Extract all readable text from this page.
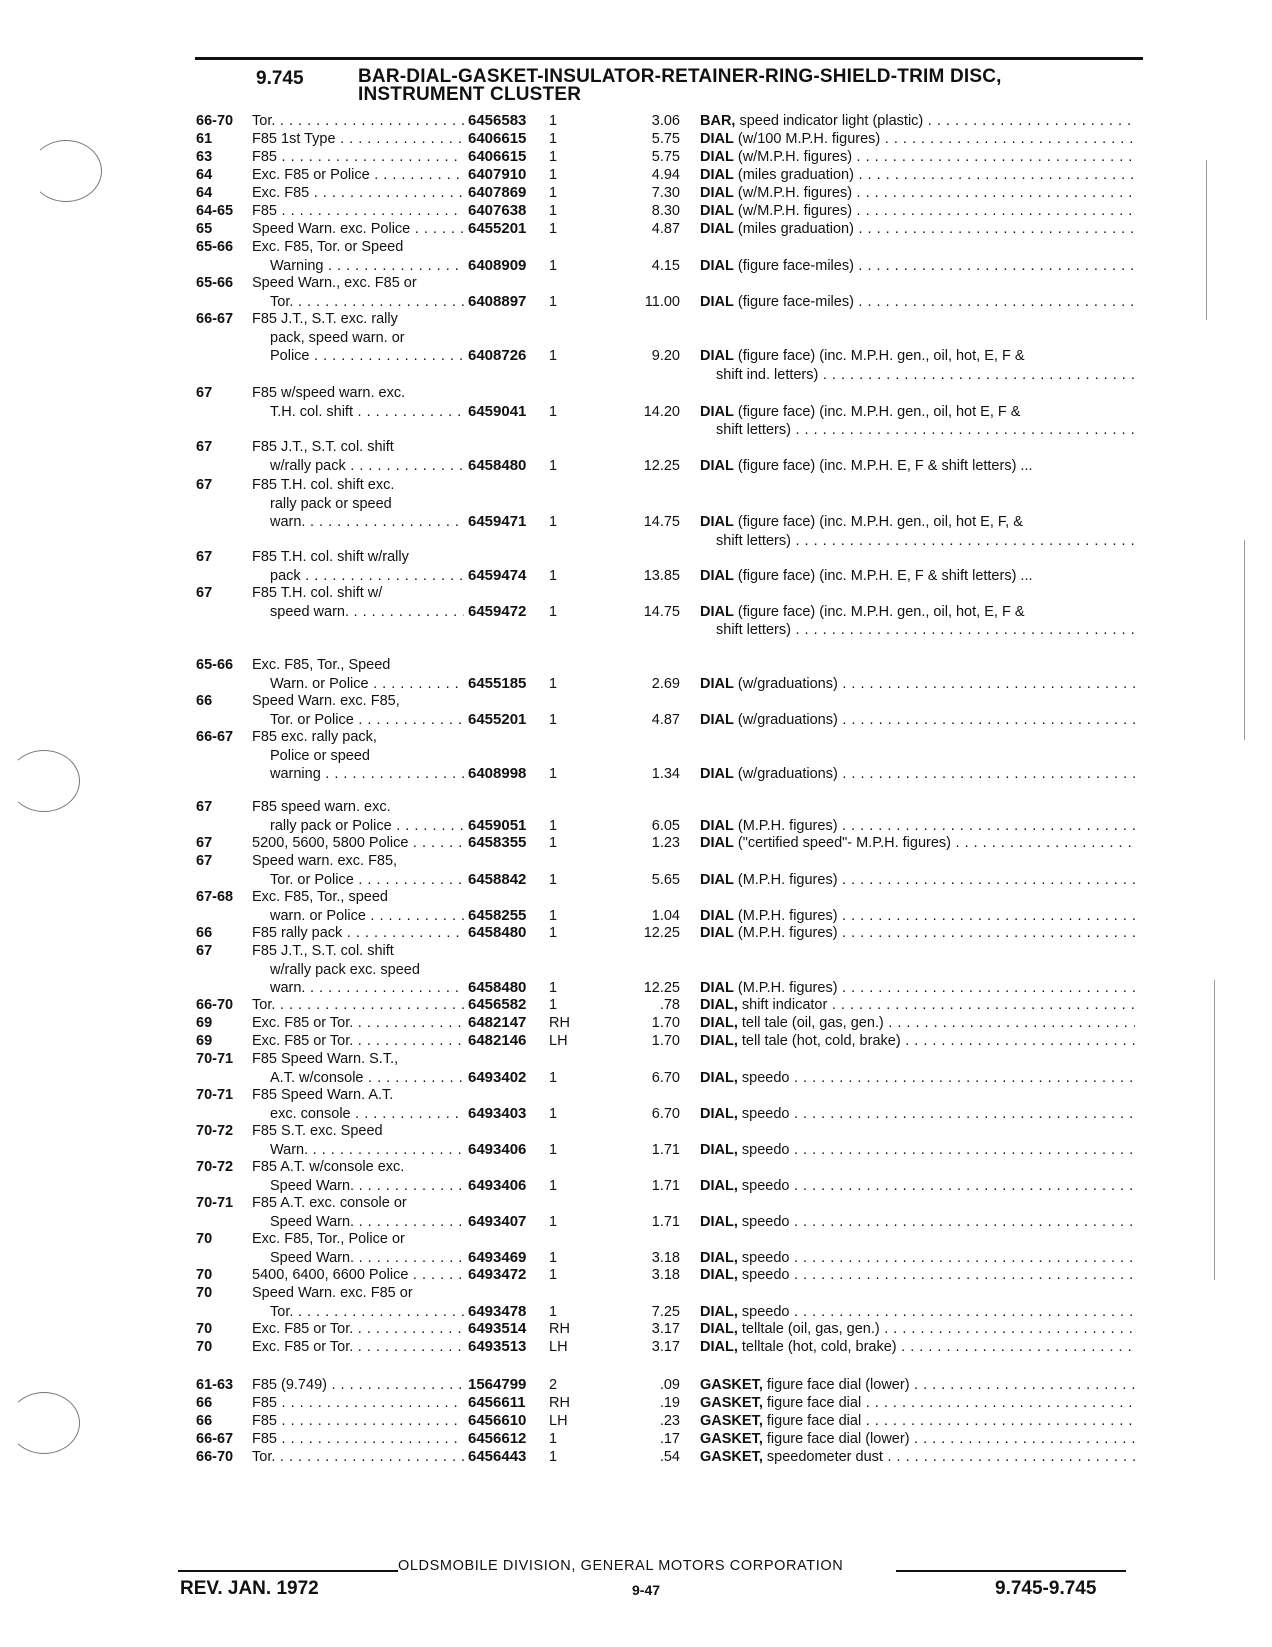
9.745	BAR-DIAL-GASKET-INSULATOR-RETAINER-RING-SHIELD-TRIM DISC,
INSTRUMENT CLUSTER
66-70 Tor. . . .	6456583 1	3.06 BAR, speed indicator light (plastic) . . .
61	F85 1st Type . . .	6406615 1	5.75 DIAL (w/100 M.P.H. figures) . . .
63	F85 . . .	6406615 1	5.75 DIAL (w/M.P.H. figures) . . .
64	Exc. F85 or Police . . .	6407910 1	4.94 DIAL (miles graduation) . . .
64	Exc. F85 . . .	6407869 1	7.30 DIAL (w/M.P.H. figures) . . .
64-65 F85 . . .	6407638 1	8.30 DIAL (w/M.P.H. figures) . . .
65	Speed Warn. exc. Police . . .	6455201 1	4.87 DIAL (miles graduation) . . .
65-66 Exc. F85, Tor. or Speed
Warning . . .	6408909 1	4.15 DIAL (figure face-miles) . . .
65-66 Speed Warn., exc. F85 or
Tor. . . .	6408897 1	11.00 DIAL (figure face-miles) . . .
66-67 F85 J.T., S.T. exc. rally
pack, speed warn. or
Police . . .	6408726 1	9.20 DIAL (figure face) (inc. M.P.H. gen., oil, hot, E, F &
shift ind. letters) . . .
67	F85 w/speed warn. exc.
T.H. col. shift . . .	6459041 1	14.20 DIAL (figure face) (inc. M.P.H. gen., oil, hot E, F &
shift letters) . . .
67	F85 J.T., S.T. col. shift
w/rally pack . . .	6458480 1	12.25 DIAL (figure face) (inc. M.P.H. E, F & shift letters) ...
67	F85 T.H. col. shift exc.
rally pack or speed
warn. . . .	6459471 1	14.75 DIAL (figure face) (inc. M.P.H. gen., oil, hot E, F, &
shift letters) . . .
67	F85 T.H. col. shift w/rally
pack . . .	6459474 1	13.85 DIAL (figure face) (inc. M.P.H. E, F & shift letters) ...
67	F85 T.H. col. shift w/
speed warn. . . .	6459472 1	14.75 DIAL (figure face) (inc. M.P.H. gen., oil, hot, E, F &
shift letters) . . .
65-66 Exc. F85, Tor., Speed
Warn. or Police . . .	6455185 1	2.69 DIAL (w/graduations) . . .
66	Speed Warn. exc. F85,
Tor. or Police . . .	6455201 1	4.87 DIAL (w/graduations) . . .
66-67 F85 exc. rally pack,
Police or speed
warning . . .	6408998 1	1.34 DIAL (w/graduations) . . .
67	F85 speed warn. exc.
rally pack or Police . . .	6459051 1	6.05 DIAL (M.P.H. figures) . . .
67	5200, 5600, 5800 Police . . .	6458355 1	1.23 DIAL ("certified speed"- M.P.H. figures) . . .
67	Speed warn. exc. F85,
Tor. or Police . . .	6458842 1	5.65 DIAL (M.P.H. figures) . . .
67-68 Exc. F85, Tor., speed
warn. or Police . . .	6458255 1	1.04 DIAL (M.P.H. figures) . . .
66	F85 rally pack . . .	6458480 1	12.25 DIAL (M.P.H. figures) . . .
67	F85 J.T., S.T. col. shift
w/rally pack exc. speed
warn. . . .	6458480 1	12.25 DIAL (M.P.H. figures) . . .
66-70 Tor. . . .	6456582 1	.78 DIAL, shift indicator . . .
69	Exc. F85 or Tor. . . .	6482147 RH	1.70 DIAL, tell tale (oil, gas, gen.) . . .
69	Exc. F85 or Tor. . . .	6482146 LH	1.70 DIAL, tell tale (hot, cold, brake) . . .
70-71 F85 Speed Warn. S.T.,
A.T. w/console . . .	6493402 1	6.70 DIAL, speedo . . .
70-71 F85 Speed Warn. A.T.
exc. console . . .	6493403 1	6.70 DIAL, speedo . . .
70-72 F85 S.T. exc. Speed
Warn. . . .	6493406 1	1.71 DIAL, speedo . . .
70-72 F85 A.T. w/console exc.
Speed Warn. . . .	6493406 1	1.71 DIAL, speedo . . .
70-71 F85 A.T. exc. console or
Speed Warn. . . .	6493407 1	1.71 DIAL, speedo . . .
70	Exc. F85, Tor., Police or
Speed Warn. . . .	6493469 1	3.18 DIAL, speedo . . .
70	5400, 6400, 6600 Police . . .	6493472 1	3.18 DIAL, speedo . . .
70	Speed Warn. exc. F85 or
Tor. . . .	6493478 1	7.25 DIAL, speedo . . .
70	Exc. F85 or Tor. . . .	6493514 RH	3.17 DIAL, telltale (oil, gas, gen.) . . .
70	Exc. F85 or Tor. . . .	6493513 LH	3.17 DIAL, telltale (hot, cold, brake) . . .
61-63 F85 (9.749) . . .	1564799 2	.09 GASKET, figure face dial (lower) . . .
66	F85 . . .	6456611 RH	.19 GASKET, figure face dial . . .
66	F85 . . .	6456610 LH	.23 GASKET, figure face dial . . .
66-67 F85 . . .	6456612 1	.17 GASKET, figure face dial (lower) . . .
66-70 Tor. . . .	6456443 1	.54 GASKET, speedometer dust . . .
OLDSMOBILE DIVISION, GENERAL MOTORS CORPORATION
REV. JAN. 1972	9-47	9.745-9.745
